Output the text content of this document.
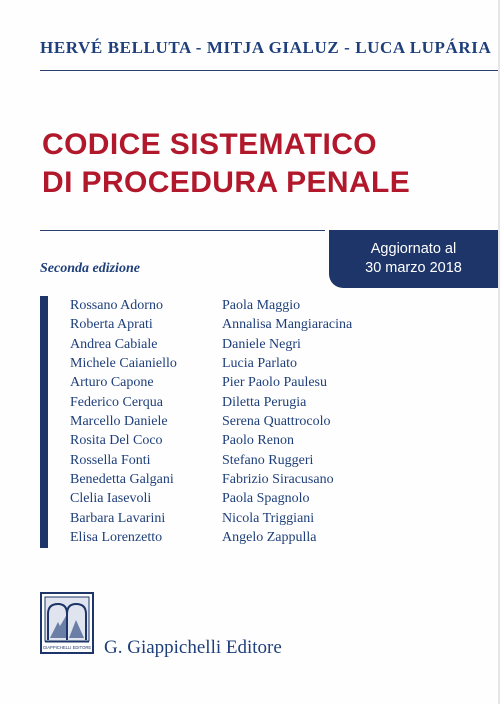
HERVÉ BELLUTA - MITJA GIALUZ - LUCA LUPÁRIA
CODICE SISTEMATICO
DI PROCEDURA PENALE
Aggiornato al
30 marzo 2018
Seconda edizione
Rossano Adorno
Roberta Aprati
Andrea Cabiale
Michele Caianiello
Arturo Capone
Federico Cerqua
Marcello Daniele
Rosita Del Coco
Rossella Fonti
Benedetta Galgani
Clelia Iasevoli
Barbara Lavarini
Elisa Lorenzetto
Paola Maggio
Annalisa Mangiaracina
Daniele Negri
Lucia Parlato
Pier Paolo Paulesu
Diletta Perugia
Serena Quattrocolo
Paolo Renon
Stefano Ruggeri
Fabrizio Siracusano
Paola Spagnolo
Nicola Triggiani
Angelo Zappulla
GIAPPICHELLI EDITORE G. Giappichelli Editore
